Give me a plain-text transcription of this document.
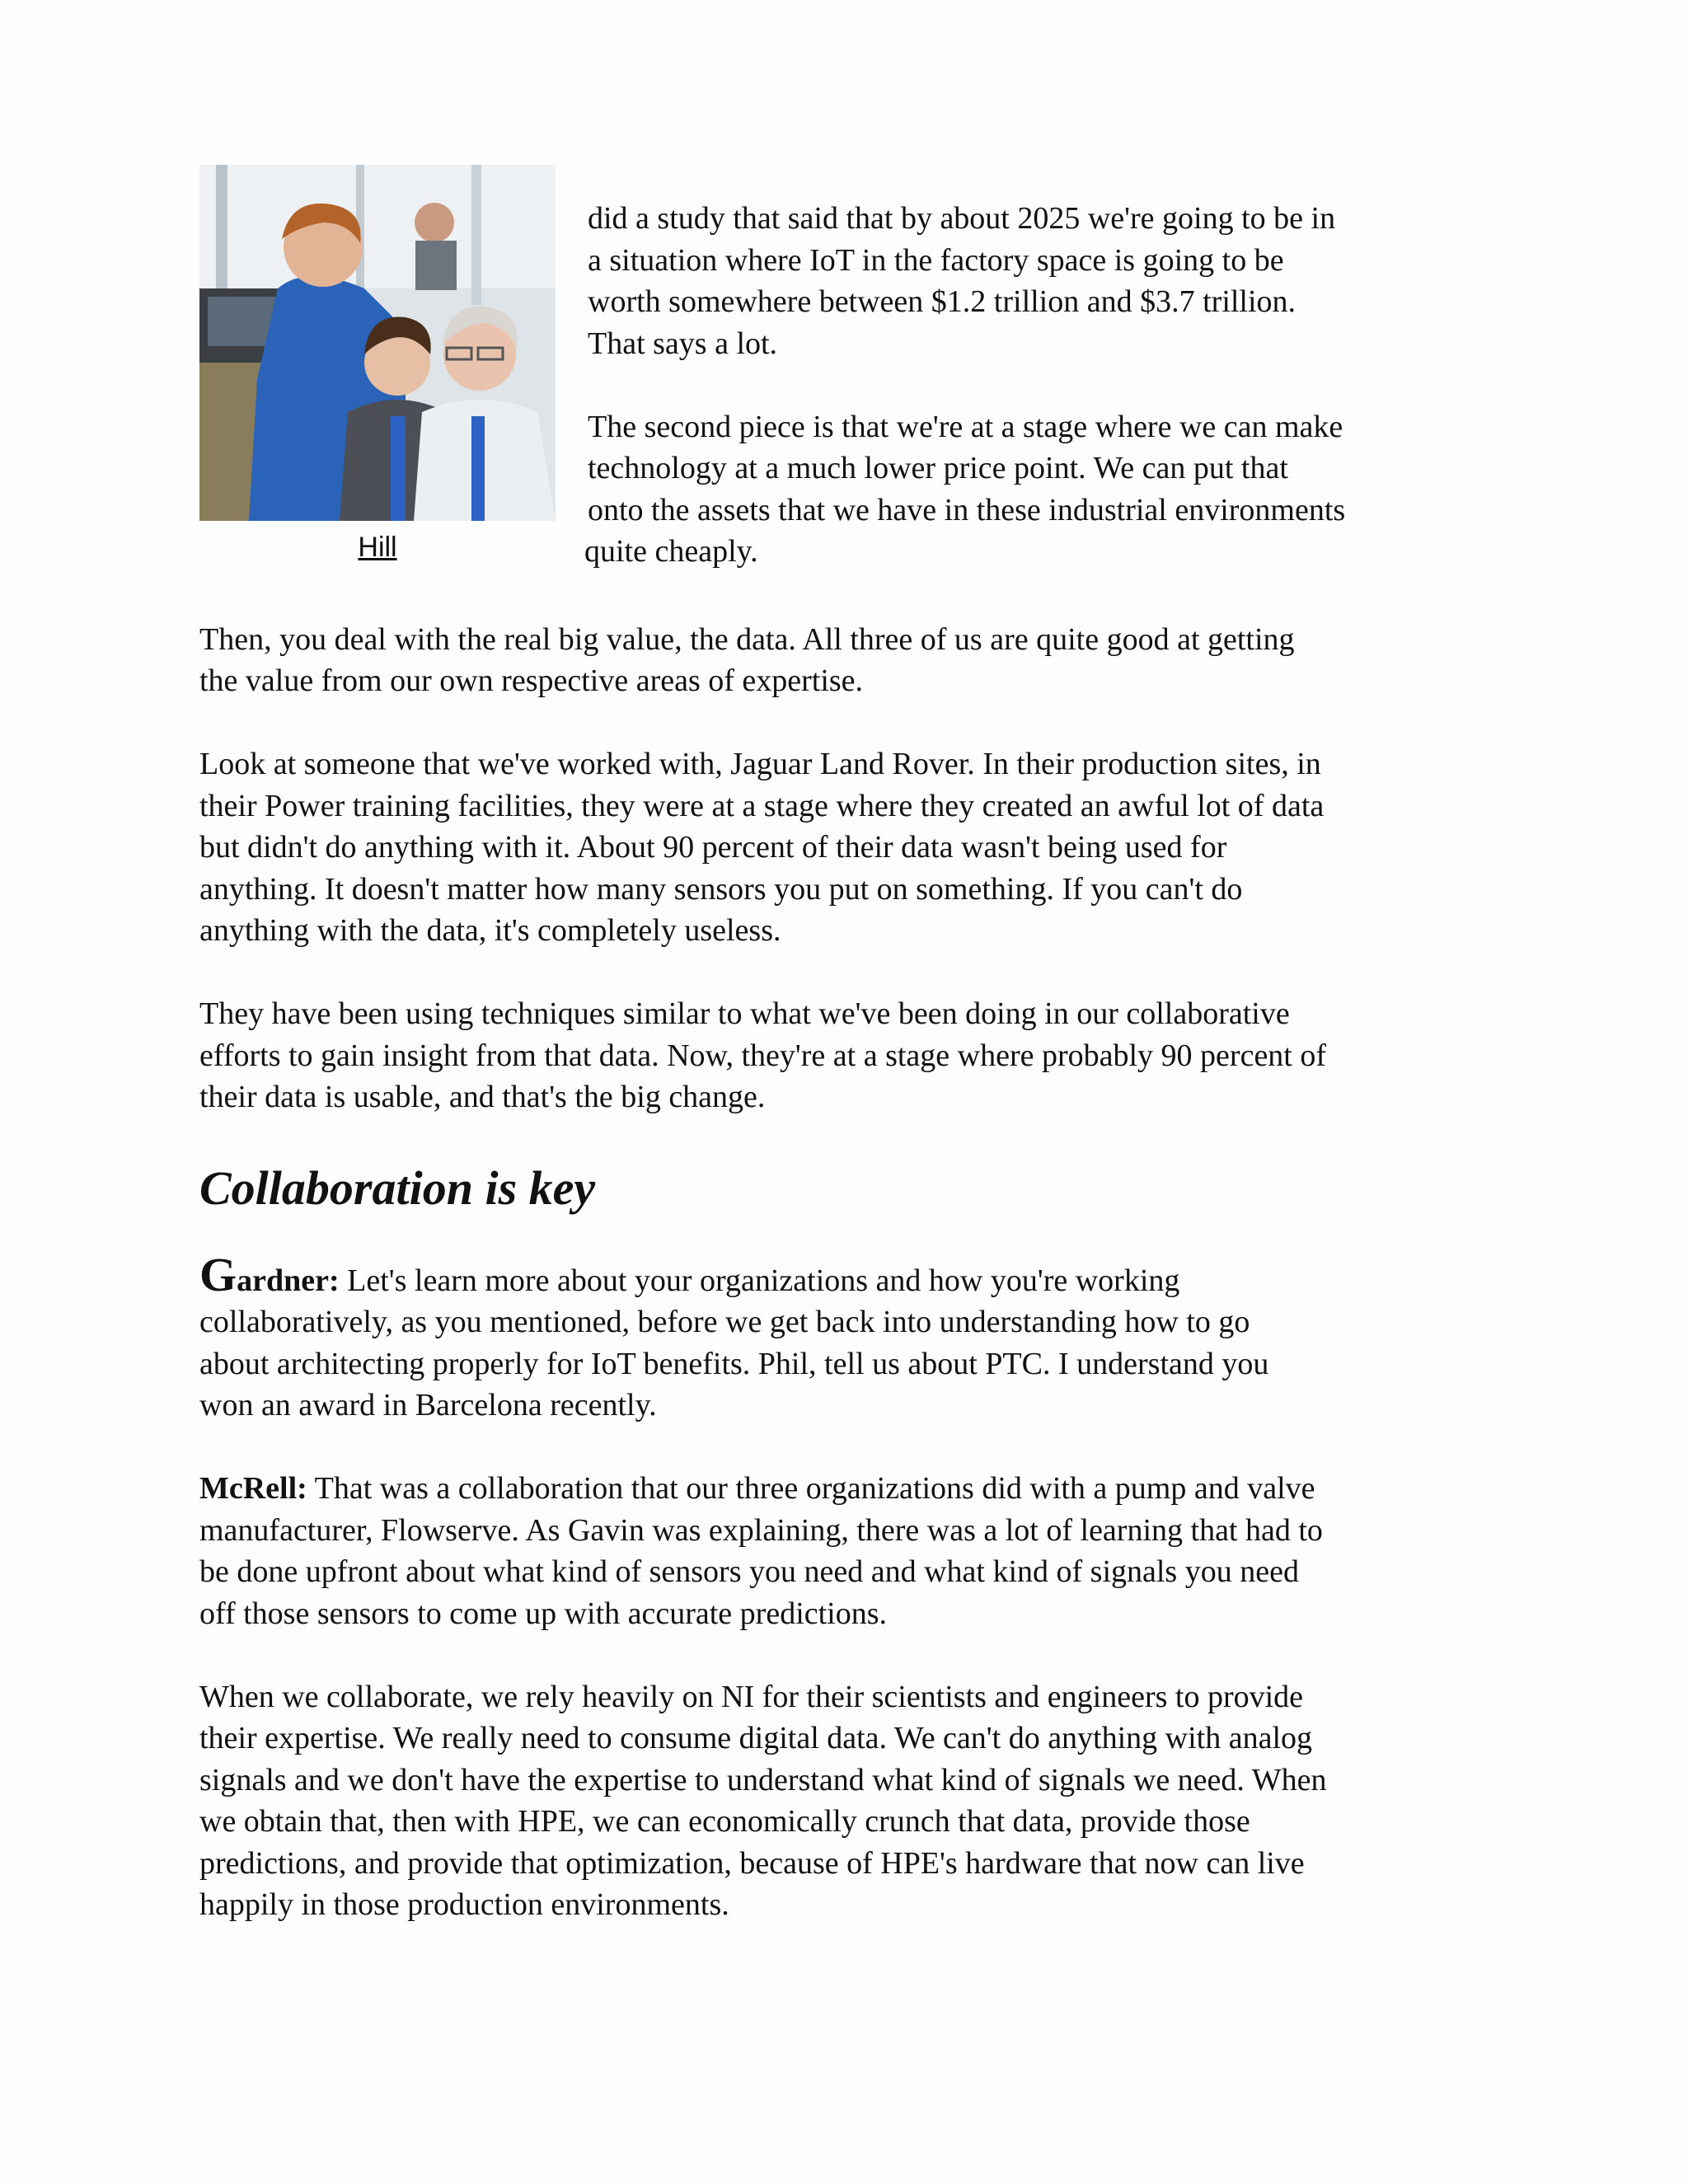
Hill

did a study that said that by about 2025 we're going to be in
a situation where IoT in the factory space is going to be
worth somewhere between $1.2 trillion and $3.7 trillion.
That says a lot.

The second piece is that we're at a stage where we can make
technology at a much lower price point. We can put that
onto the assets that we have in these industrial environments
quite cheaply.

Then, you deal with the real big value, the data. All three of us are quite good at getting
the value from our own respective areas of expertise.

Look at someone that we've worked with, Jaguar Land Rover. In their production sites, in
their Power training facilities, they were at a stage where they created an awful lot of data
but didn't do anything with it. About 90 percent of their data wasn't being used for
anything. It doesn't matter how many sensors you put on something. If you can't do
anything with the data, it's completely useless.

They have been using techniques similar to what we've been doing in our collaborative
efforts to gain insight from that data. Now, they're at a stage where probably 90 percent of
their data is usable, and that's the big change.

Collaboration is key

Gardner: Let's learn more about your organizations and how you're working
collaboratively, as you mentioned, before we get back into understanding how to go
about architecting properly for IoT benefits. Phil, tell us about PTC. I understand you
won an award in Barcelona recently.

McRell: That was a collaboration that our three organizations did with a pump and valve
manufacturer, Flowserve. As Gavin was explaining, there was a lot of learning that had to
be done upfront about what kind of sensors you need and what kind of signals you need
off those sensors to come up with accurate predictions.

When we collaborate, we rely heavily on NI for their scientists and engineers to provide
their expertise. We really need to consume digital data. We can't do anything with analog
signals and we don't have the expertise to understand what kind of signals we need. When
we obtain that, then with HPE, we can economically crunch that data, provide those
predictions, and provide that optimization, because of HPE's hardware that now can live
happily in those production environments.
